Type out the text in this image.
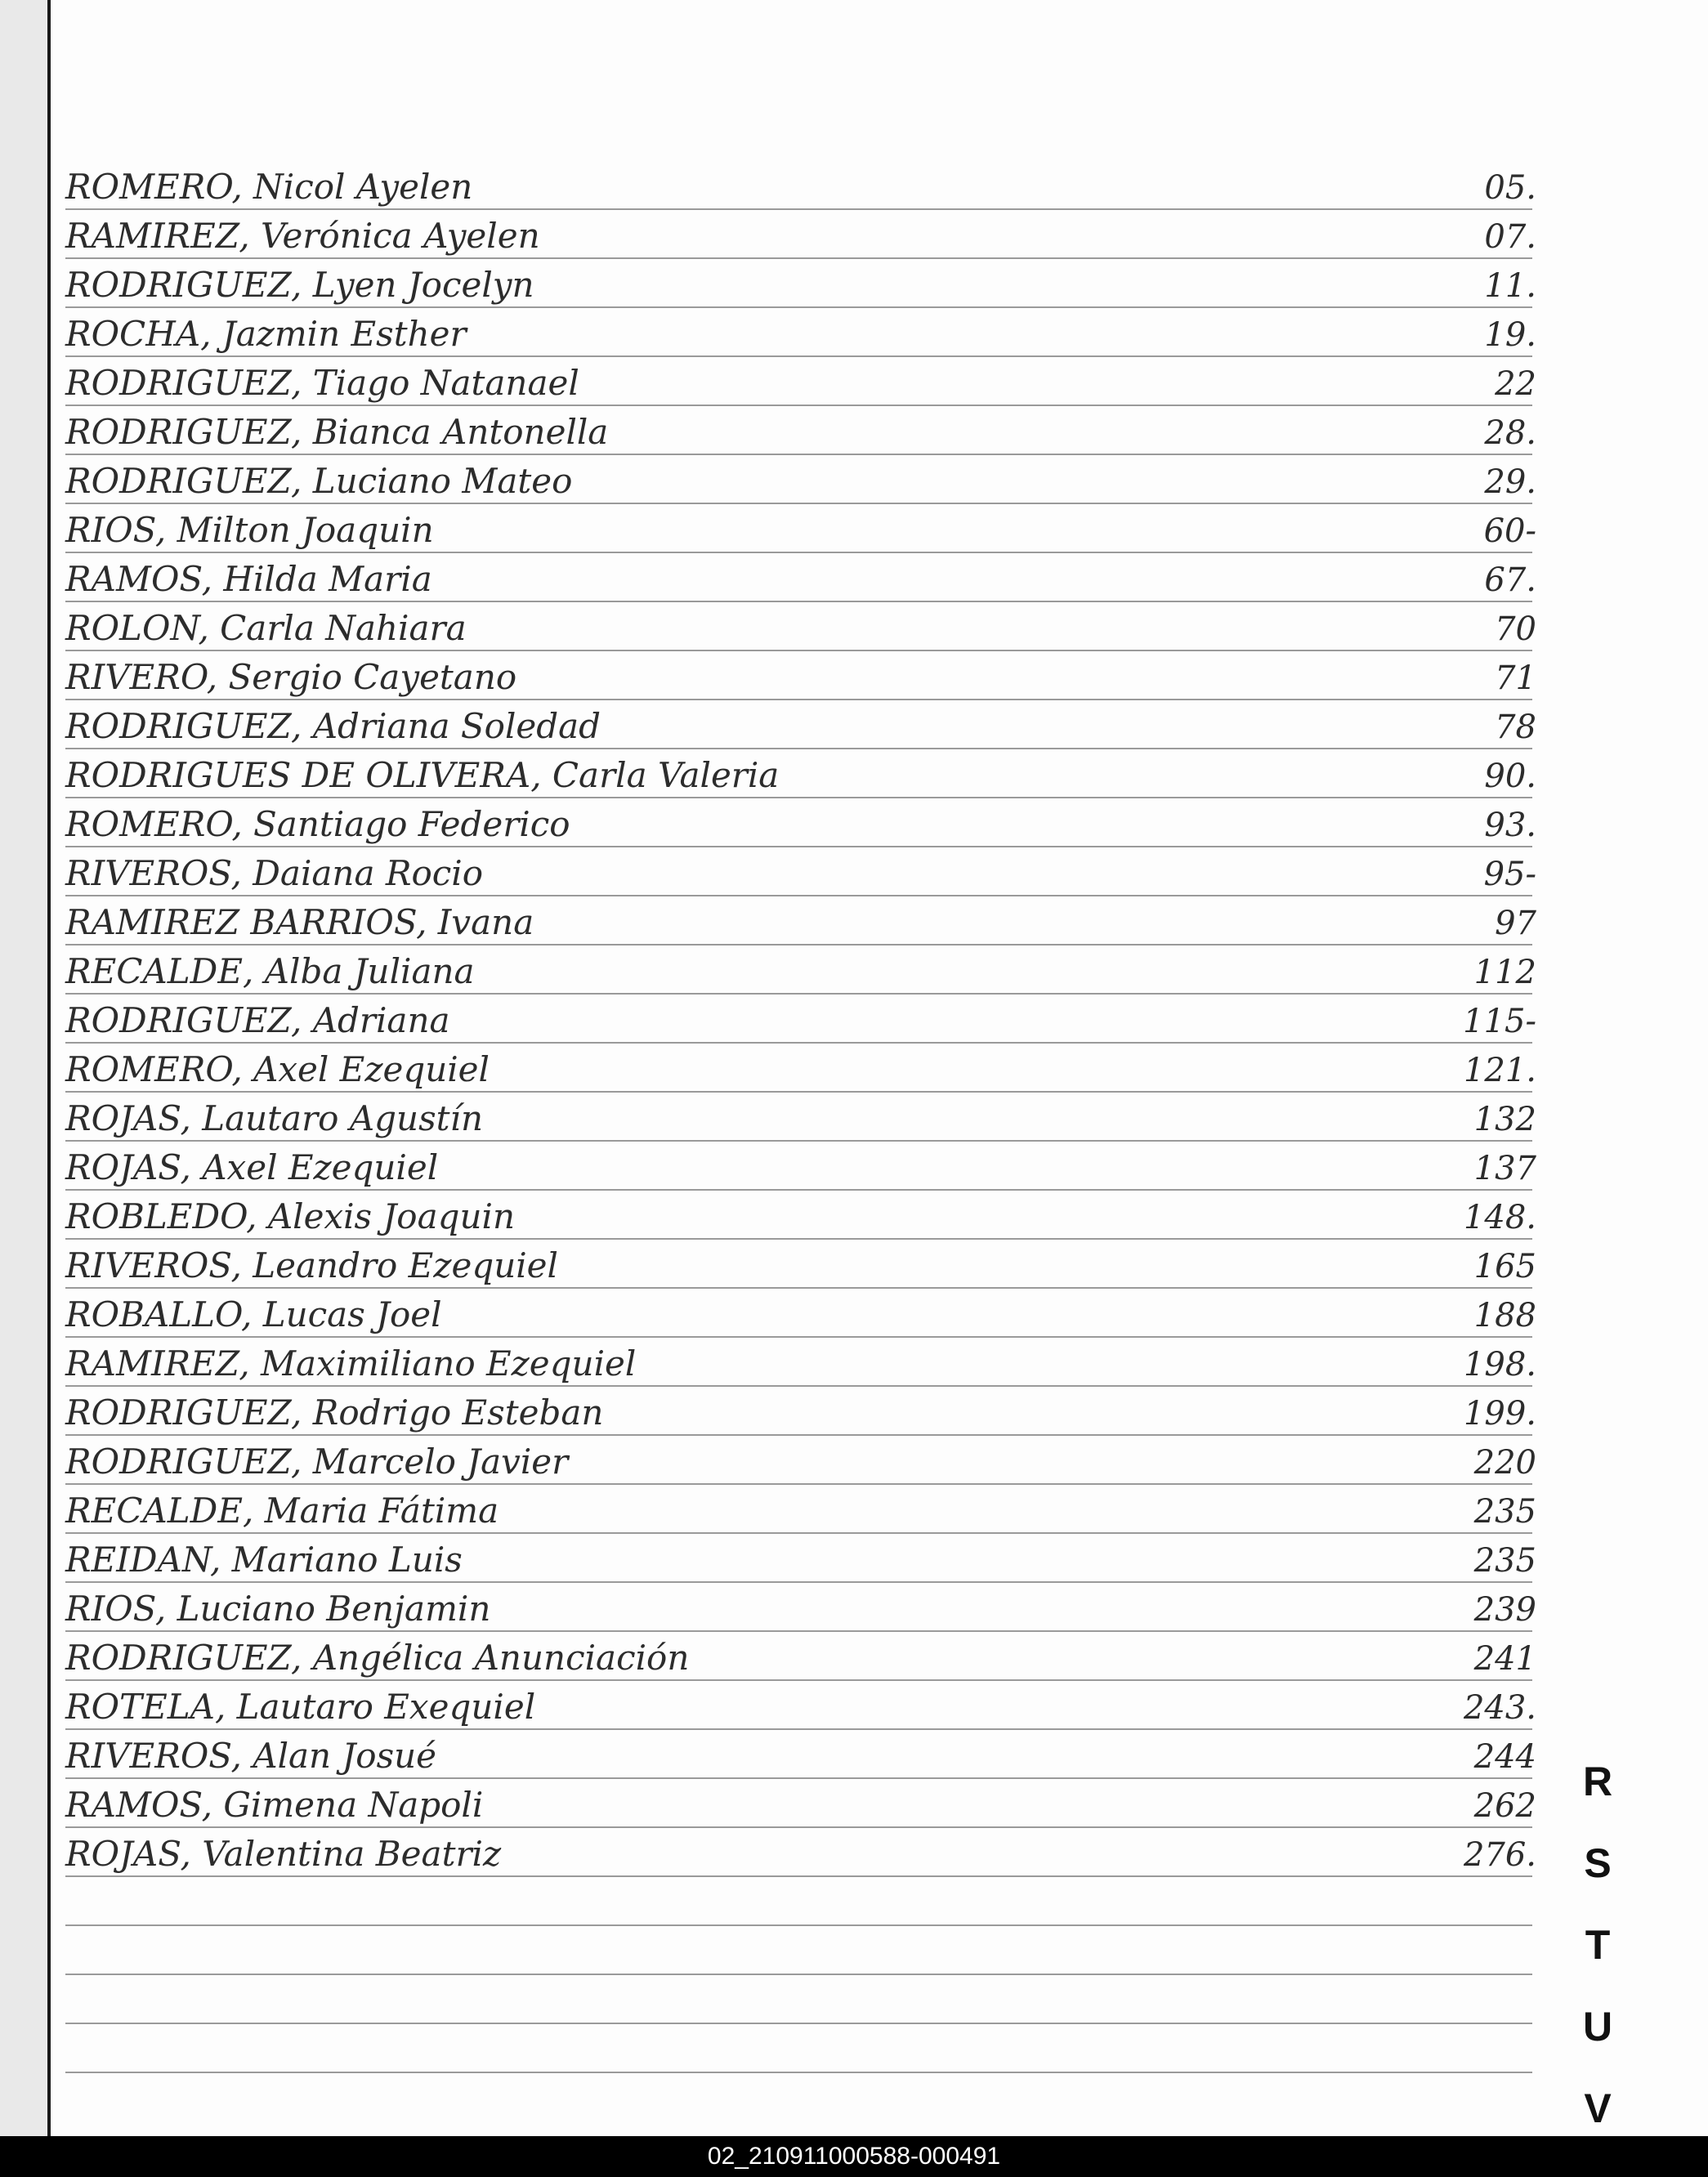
ROMERO, Nicol Ayelen	05.
RAMIREZ, Verónica Ayelen	07.
RODRIGUEZ, Lyen Jocelyn	11.
ROCHA, Jazmin Esther	19.
RODRIGUEZ, Tiago Natanael	22
RODRIGUEZ, Bianca Antonella	28.
RODRIGUEZ, Luciano Mateo	29.
RIOS, Milton Joaquin	60-
RAMOS, Hilda Maria	67.
ROLON, Carla Nahiara	70
RIVERO, Sergio Cayetano	71
RODRIGUEZ, Adriana Soledad	78
RODRIGUES DE OLIVERA, Carla Valeria	90.
ROMERO, Santiago Federico	93.
RIVEROS, Daiana Rocio	95-
RAMIREZ BARRIOS, Ivana	97
RECALDE, Alba Juliana	112
RODRIGUEZ, Adriana	115-
ROMERO, Axel Ezequiel	121.
ROJAS, Lautaro Agustín	132
ROJAS, Axel Ezequiel	137
ROBLEDO, Alexis Joaquin	148.
RIVEROS, Leandro Ezequiel	165
ROBALLO, Lucas Joel	188
RAMIREZ, Maximiliano Ezequiel	198.
RODRIGUEZ, Rodrigo Esteban	199.
RODRIGUEZ, Marcelo Javier	220
RECALDE, Maria Fátima	235
REIDAN, Mariano Luis	235
RIOS, Luciano Benjamin	239
RODRIGUEZ, Angélica Anunciación	241
ROTELA, Lautaro Exequiel	243.
RIVEROS, Alan Josué	244
RAMOS, Gimena Napoli	262
ROJAS, Valentina Beatriz	276.
R
S
T
U
V
02_210911000588-000491
